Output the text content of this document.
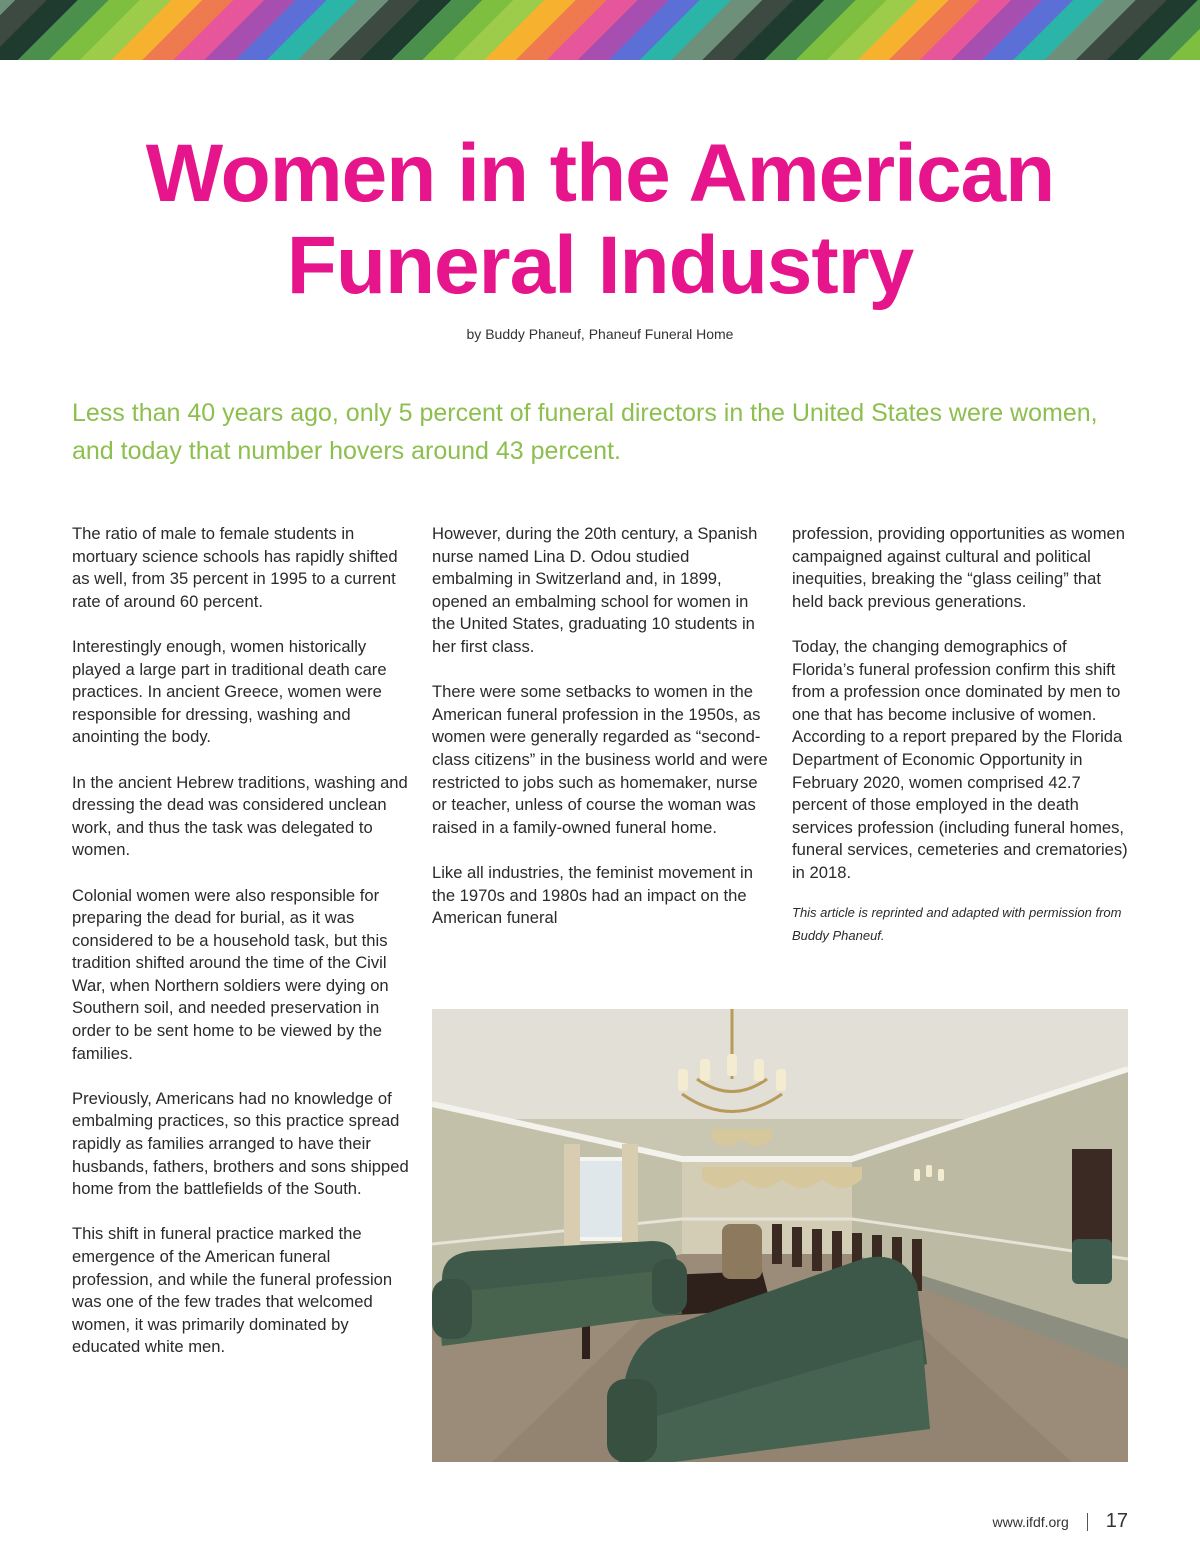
Women in the American
Funeral Industry
by Buddy Phaneuf, Phaneuf Funeral Home

Less than 40 years ago, only 5 percent of funeral directors in the United States were women, and today that number hovers around 43 percent.

The ratio of male to female students in mortuary science schools has rapidly shifted as well, from 35 percent in 1995 to a current rate of around 60 percent.

Interestingly enough, women historically played a large part in traditional death care practices. In ancient Greece, women were responsible for dressing, washing and anointing the body.

In the ancient Hebrew traditions, washing and dressing the dead was considered unclean work, and thus the task was delegated to women.

Colonial women were also responsible for preparing the dead for burial, as it was considered to be a household task, but this tradition shifted around the time of the Civil War, when Northern soldiers were dying on Southern soil, and needed preservation in order to be sent home to be viewed by the families.

Previously, Americans had no knowledge of embalming practices, so this practice spread rapidly as families arranged to have their husbands, fathers, brothers and sons shipped home from the battlefields of the South.

This shift in funeral practice marked the emergence of the American funeral profession, and while the funeral profession was one of the few trades that welcomed women, it was primarily dominated by educated white men.

However, during the 20th century, a Spanish nurse named Lina D. Odou studied embalming in Switzerland and, in 1899, opened an embalming school for women in the United States, graduating 10 students in her first class.

There were some setbacks to women in the American funeral profession in the 1950s, as women were generally regarded as “second-class citizens” in the business world and were restricted to jobs such as homemaker, nurse or teacher, unless of course the woman was raised in a family-owned funeral home.

Like all industries, the feminist movement in the 1970s and 1980s had an impact on the American funeral

profession, providing opportunities as women campaigned against cultural and political inequities, breaking the “glass ceiling” that held back previous generations.

Today, the changing demographics of Florida’s funeral profession confirm this shift from a profession once dominated by men to one that has become inclusive of women. According to a report prepared by the Florida Department of Economic Opportunity in February 2020, women comprised 42.7 percent of those employed in the death services profession (including funeral homes, funeral services, cemeteries and crematories) in 2018.

This article is reprinted and adapted with permission from Buddy Phaneuf.

www.ifdf.org 17
